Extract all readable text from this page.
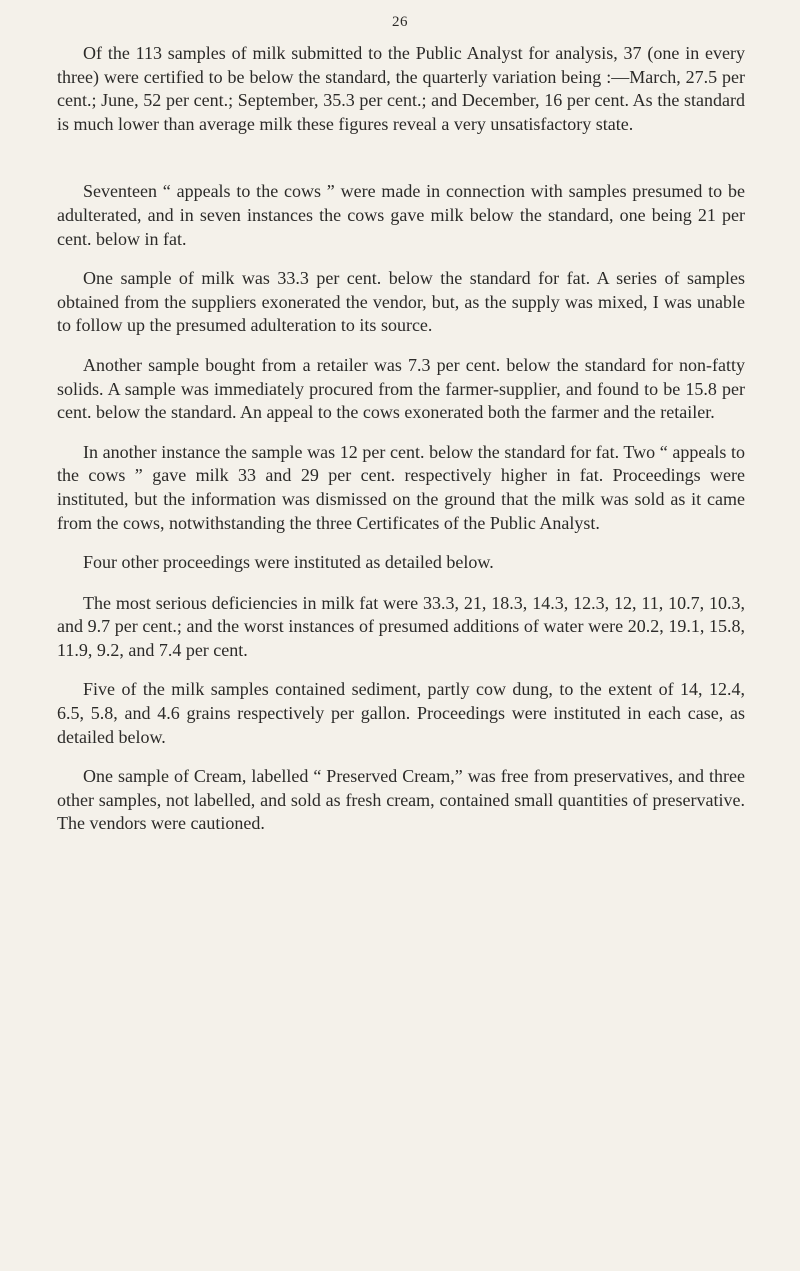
26

Of the 113 samples of milk submitted to the Public Analyst for analysis, 37 (one in every three) were certified to be below the standard, the quarterly variation being :—March, 27.5 per cent.; June, 52 per cent.; September, 35.3 per cent.; and December, 16 per cent. As the standard is much lower than average milk these figures reveal a very unsatisfactory state.

Seventeen “ appeals to the cows ” were made in connection with samples presumed to be adulterated, and in seven instances the cows gave milk below the standard, one being 21 per cent. below in fat.

One sample of milk was 33.3 per cent. below the standard for fat. A series of samples obtained from the suppliers exonerated the vendor, but, as the supply was mixed, I was unable to follow up the presumed adulteration to its source.

Another sample bought from a retailer was 7.3 per cent. below the standard for non-fatty solids. A sample was immediately procured from the farmer-supplier, and found to be 15.8 per cent. below the standard. An appeal to the cows exonerated both the farmer and the retailer.

In another instance the sample was 12 per cent. below the standard for fat. Two “ appeals to the cows ” gave milk 33 and 29 per cent. respectively higher in fat. Proceedings were instituted, but the information was dismissed on the ground that the milk was sold as it came from the cows, notwithstanding the three Certificates of the Public Analyst.

Four other proceedings were instituted as detailed below.

The most serious deficiencies in milk fat were 33.3, 21, 18.3, 14.3, 12.3, 12, 11, 10.7, 10.3, and 9.7 per cent.; and the worst instances of presumed additions of water were 20.2, 19.1, 15.8, 11.9, 9.2, and 7.4 per cent.

Five of the milk samples contained sediment, partly cow dung, to the extent of 14, 12.4, 6.5, 5.8, and 4.6 grains respectively per gallon. Proceedings were instituted in each case, as detailed below.

One sample of Cream, labelled “ Preserved Cream,” was free from preservatives, and three other samples, not labelled, and sold as fresh cream, contained small quantities of preservative. The vendors were cautioned.
